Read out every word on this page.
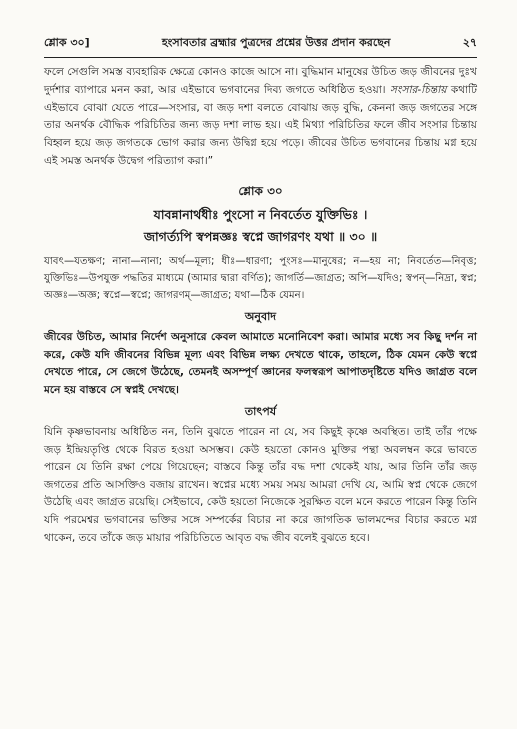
শ্লোক ৩০]	হংসাবতার ব্রহ্মার পুত্রদের প্রশ্নের উত্তর প্রদান করছেন	২৭

ফলে সেগুলি সমস্ত ব্যবহারিক ক্ষেত্রে কোনও কাজে আসে না। বুদ্ধিমান মানুষের উচিত জড় জীবনের দুঃখ দুর্দশার ব্যাপারে মনন করা, আর এইভাবে ভগবানের দিব্য জগতে অধিষ্ঠিত হওয়া। সংসার-চিন্তায় কথাটি এইভাবে বোঝা যেতে পারে—সংসার, বা জড় দশা বলতে বোঝায় জড় বুদ্ধি, কেননা জড় জগতের সঙ্গে তার অনর্থক বৌদ্ধিক পরিচিতির জন্য জড় দশা লাভ হয়। এই মিথ্যা পরিচিতির ফলে জীব সংসার চিন্তায় বিহ্বল হয়ে জড় জগতকে ভোগ করার জন্য উদ্বিগ্ন হয়ে পড়ে। জীবের উচিত ভগবানের চিন্তায় মগ্ন হয়ে এই সমস্ত অনর্থক উদ্বেগ পরিত্যাগ করা।”

শ্লোক ৩০
যাবন্নানার্থধীঃ পুংসো ন নিবর্তেত যুক্তিভিঃ ।
জাগর্ত্যপি স্বপন্নজ্ঞঃ স্বপ্নে জাগরণং যথা ॥ ৩০ ॥

যাবৎ—যতক্ষণ; নানা—নানা; অর্থ—মূল্য; ধীঃ—ধারণা; পুংসঃ—মানুষের; ন—হয় না; নিবর্তেত—নিবৃত্ত; যুক্তিভিঃ—উপযুক্ত পদ্ধতির মাধ্যমে (আমার দ্বারা বর্ণিত); জাগর্তি—জাগ্রত; অপি—যদিও; স্বপন্—নিদ্রা, স্বপ্ন; অজ্ঞঃ—অজ্ঞ; স্বপ্নে—স্বপ্নে; জাগরণম্—জাগ্রত; যথা—ঠিক যেমন।

অনুবাদ

জীবের উচিত, আমার নির্দেশ অনুসারে কেবল আমাতে মনোনিবেশ করা। আমার মধ্যে সব কিছু দর্শন না করে, কেউ যদি জীবনের বিভিন্ন মূল্য এবং বিভিন্ন লক্ষ্য দেখতে থাকে, তাহলে, ঠিক যেমন কেউ স্বপ্নে দেখতে পারে, সে জেগে উঠেছে, তেমনই অসম্পূর্ণ জ্ঞানের ফলস্বরূপ আপাতদৃষ্টিতে যদিও জাগ্রত বলে মনে হয় বাস্তবে সে স্বপ্নই দেখছে।

তাৎপর্য

যিনি কৃষ্ণভাবনায় অধিষ্ঠিত নন, তিনি বুঝতে পারেন না যে, সব কিছুই কৃষ্ণে অবস্থিত। তাই তাঁর পক্ষে জড় ইন্দ্রিয়তৃপ্তি থেকে বিরত হওয়া অসম্ভব। কেউ হয়তো কোনও মুক্তির পন্থা অবলম্বন করে ভাবতে পারেন যে তিনি রক্ষা পেয়ে গিয়েছেন; বাস্তবে কিন্তু তাঁর বদ্ধ দশা থেকেই যায়, আর তিনি তাঁর জড় জগতের প্রতি আসক্তিও বজায় রাখেন। স্বপ্নের মধ্যে সময় সময় আমরা দেখি যে, আমি স্বপ্ন থেকে জেগে উঠেছি এবং জাগ্রত রয়েছি। সেইভাবে, কেউ হয়তো নিজেকে সুরক্ষিত বলে মনে করতে পারেন কিন্তু তিনি যদি পরমেশ্বর ভগবানের ভক্তির সঙ্গে সম্পর্কের বিচার না করে জাগতিক ভালমন্দের বিচার করতে মগ্ন থাকেন, তবে তাঁকে জড় মায়ার পরিচিতিতে আবৃত বদ্ধ জীব বলেই বুঝতে হবে।
